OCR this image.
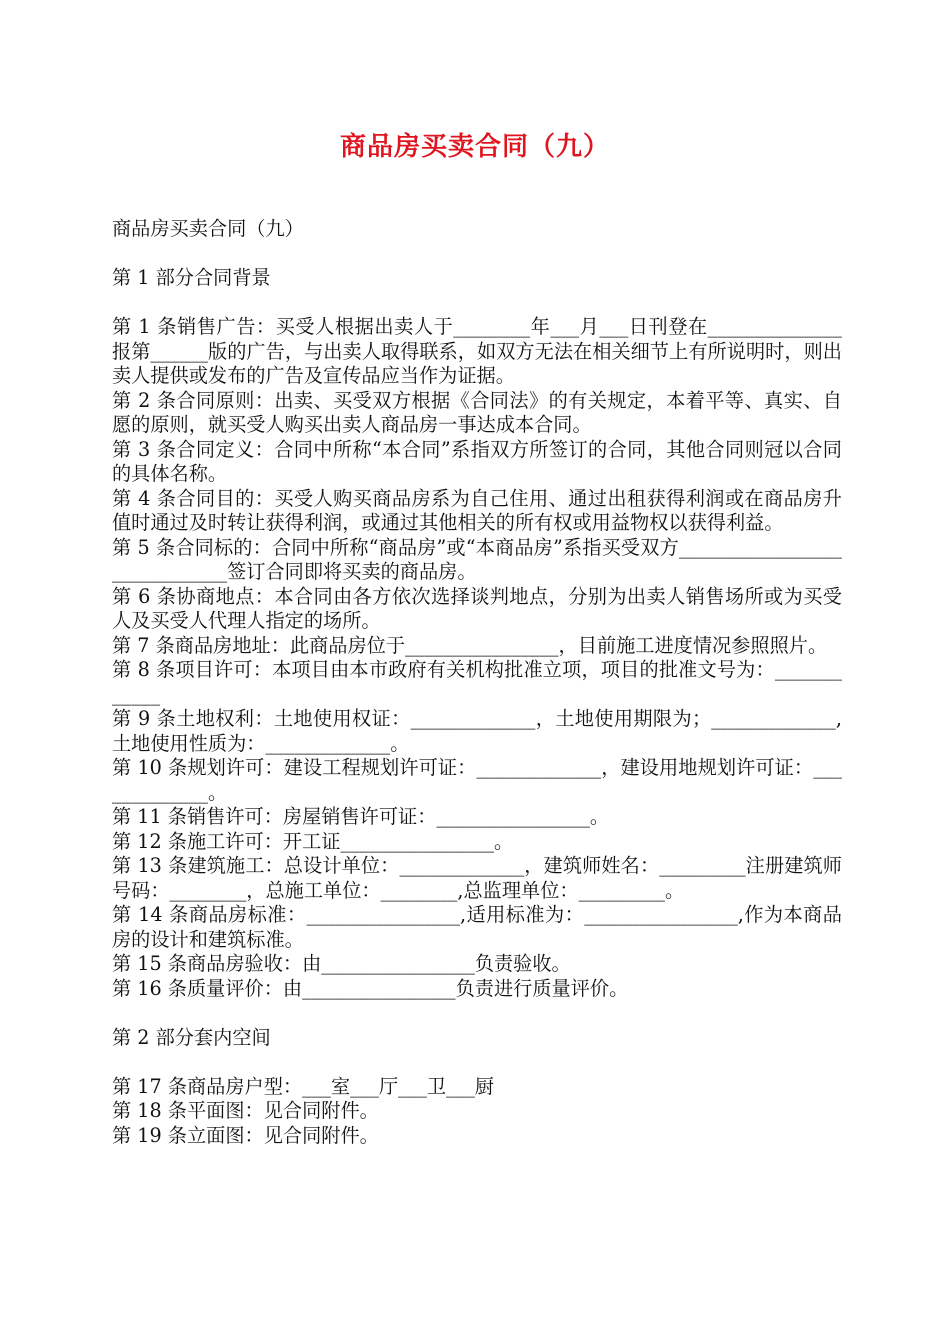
商品房买卖合同（九）

商品房买卖合同（九）

第 1 部分合同背景

第 1 条销售广告：买受人根据出卖人于________年___月___日刊登在______________报第______版的广告，与出卖人取得联系，如双方无法在相关细节上有所说明时，则出卖人提供或发布的广告及宣传品应当作为证据。

第 2 条合同原则：出卖、买受双方根据《合同法》的有关规定，本着平等、真实、自愿的原则，就买受人购买出卖人商品房一事达成本合同。

第 3 条合同定义：合同中所称“本合同”系指双方所签订的合同，其他合同则冠以合同的具体名称。

第 4 条合同目的：买受人购买商品房系为自己住用、通过出租获得利润或在商品房升值时通过及时转让获得利润，或通过其他相关的所有权或用益物权以获得利益。

第 5 条合同标的：合同中所称“商品房”或“本商品房”系指买受双方_____________________________签订合同即将买卖的商品房。

第 6 条协商地点：本合同由各方依次选择谈判地点，分别为出卖人销售场所或为买受人及买受人代理人指定的场所。

第 7 条商品房地址：此商品房位于________________，目前施工进度情况参照照片。

第 8 条项目许可：本项目由本市政府有关机构批准立项，项目的批准文号为：____________

第 9 条土地权利：土地使用权证：_____________，土地使用期限为；_____________,土地使用性质为：_____________。

第 10 条规划许可：建设工程规划许可证：_____________，建设用地规划许可证：_____________。

第 11 条销售许可：房屋销售许可证：________________。

第 12 条施工许可：开工证________________。

第 13 条建筑施工：总设计单位：_____________，建筑师姓名：_________注册建筑师号码：________，总施工单位：________,总监理单位：_________。

第 14 条商品房标准：________________,适用标准为：________________,作为本商品房的设计和建筑标准。

第 15 条商品房验收：由________________负责验收。

第 16 条质量评价：由________________负责进行质量评价。

第 2 部分套内空间

第 17 条商品房户型：___室___厅___卫___厨

第 18 条平面图：见合同附件。

第 19 条立面图：见合同附件。
